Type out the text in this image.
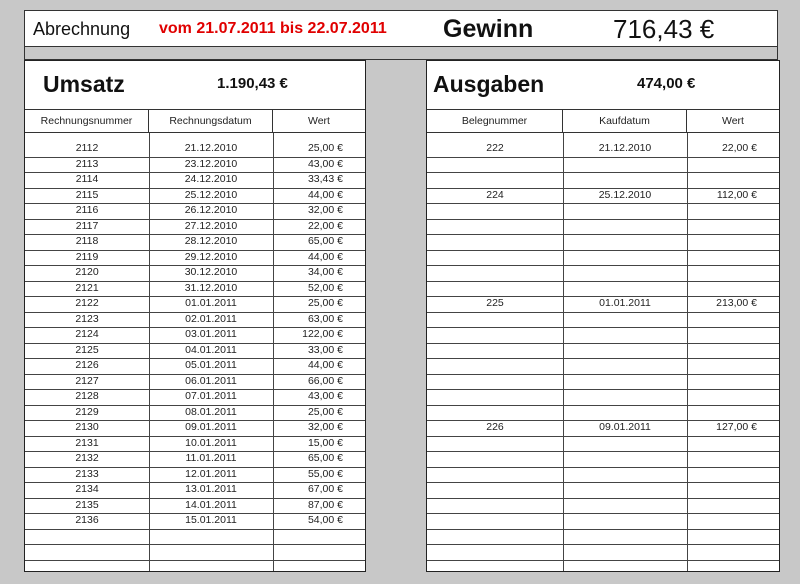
Abrechnung vom 21.07.2011 bis 22.07.2011 Gewinn	716,43 €
Umsatz	1.190,43 €
Rechnungsnummer	Rechnungsdatum	Wert
2112	21.12.2010	25,00 €
2113	23.12.2010	43,00 €
2114	24.12.2010	33,43 €
2115	25.12.2010	44,00 €
2116	26.12.2010	32,00 €
2117	27.12.2010	22,00 €
2118	28.12.2010	65,00 €
2119	29.12.2010	44,00 €
2120	30.12.2010	34,00 €
2121	31.12.2010	52,00 €
2122	01.01.2011	25,00 €
2123	02.01.2011	63,00 €
2124	03.01.2011	122,00 €
2125	04.01.2011	33,00 €
2126	05.01.2011	44,00 €
2127	06.01.2011	66,00 €
2128	07.01.2011	43,00 €
2129	08.01.2011	25,00 €
2130	09.01.2011	32,00 €
2131	10.01.2011	15,00 €
2132	11.01.2011	65,00 €
2133	12.01.2011	55,00 €
2134	13.01.2011	67,00 €
2135	14.01.2011	87,00 €
2136	15.01.2011	54,00 €
Ausgaben	474,00 €
Belegnummer	Kaufdatum	Wert
222	21.12.2010	22,00 €
224	25.12.2010	112,00 €
225	01.01.2011	213,00 €
226	09.01.2011	127,00 €
